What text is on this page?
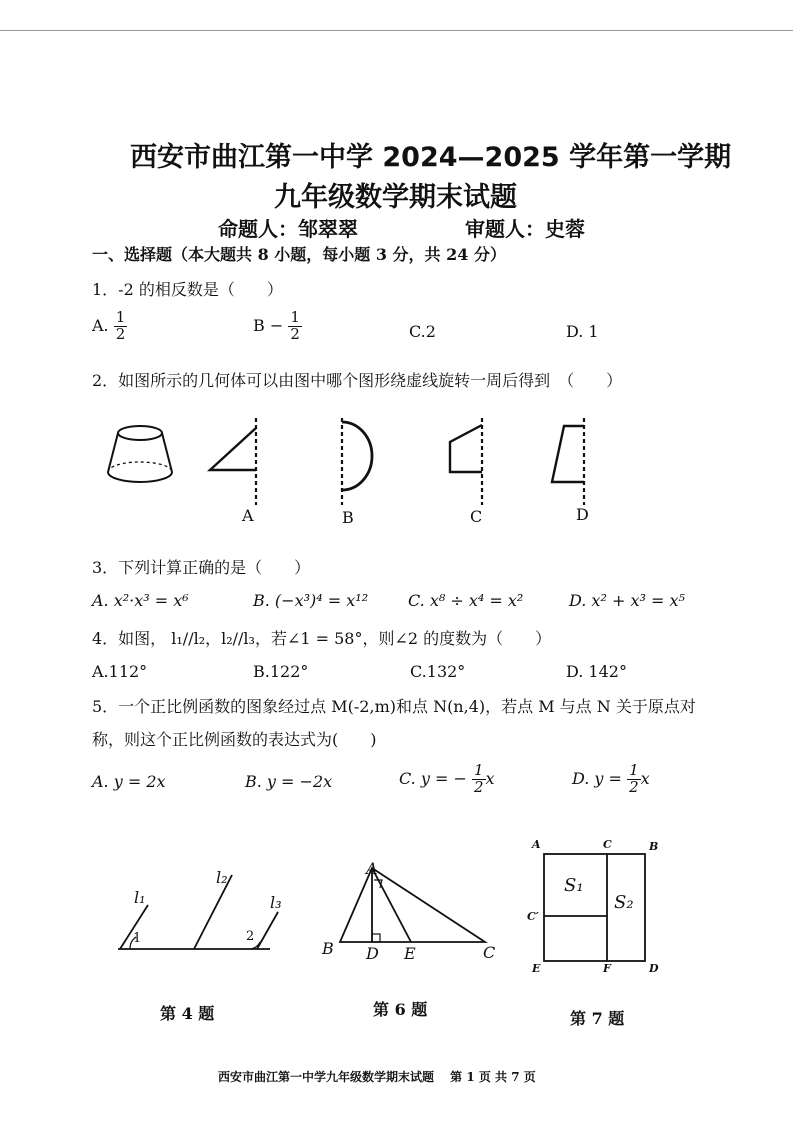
西安市曲江第一中学 2024—2025 学年第一学期
九年级数学期末试题
命题人：邹翠翠	审题人：史蓉
一、选择题（本大题共 8 小题，每小题 3 分，共 24 分）
1．-2 的相反数是（　　）
A. $\frac{1}{2}$	$B - \frac{1}{2}$	C.2	D. 1
2．如图所示的几何体可以由图中哪个图形绕虚线旋转一周后得到　（　　）
A	B	C	D
3．下列计算正确的是（　　）
A. x²·x³ = x⁶	B. (−x³)⁴ = x¹² C. x⁸ ÷ x⁴ = x²	D. x² + x³ = x⁵
4．如图， l₁//l₂，l₂//l₃，若∠1 = 58°，则∠2 的度数为（　　）
A.112°	B.122°	C.132°	D. 142°
5．一个正比例函数的图象经过点 M(-2,m)和点 N(n,4)，若点 M 与点 N 关于原点对
称，则这个正比例函数的表达式为(　　)
A. y = 2x	B. y = −2x	C. y = − $\frac{1}{2}$ x	D. $y = \frac{1}{2}$ x
l₁
l₂
l₃
1	2
第 4 题
A
B D E	C
第 6 题
A	C	B
C′
E	F	D
S₁
S₂
第 7 题
西安市曲江第一中学九年级数学期末试题　 第 1 页 共 7 页
